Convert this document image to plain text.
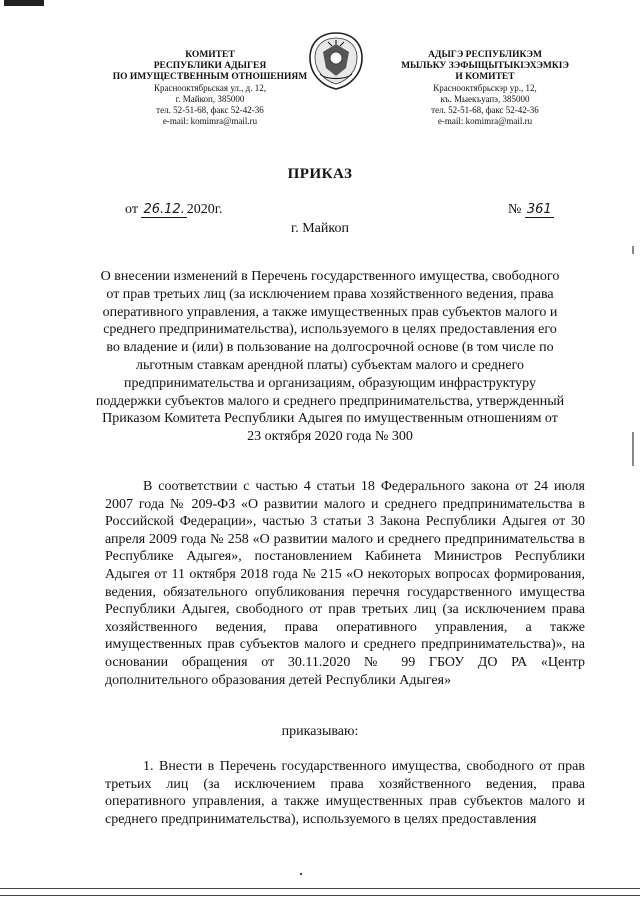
КОМИТЕТ
РЕСПУБЛИКИ АДЫГЕЯ
ПО ИМУЩЕСТВЕННЫМ ОТНОШЕНИЯМ
Краснооктябрьская ул., д. 12,
г. Майкоп, 385000
тел. 52-51-68, факс 52-42-36
e-mail: komimra@mail.ru
АДЫГЭ РЕСПУБЛИКЭМ
МЫЛЬКУ ЗЭФЫЩЫТЫКIЭХЭМКIЭ
И КОМИТЕТ
Краснооктябрьскэр ур., 12,
къ. Мыекъуапэ, 385000
тел. 52-51-68, факс 52-42-36
e-mail: komimra@mail.ru
ПРИКАЗ
от 26.12. 2020г.	№ 361
г. Майкоп
О внесении изменений в Перечень государственного имущества, свободного от прав третьих лиц (за исключением права хозяйственного ведения, права оперативного управления, а также имущественных прав субъектов малого и среднего предпринимательства), используемого в целях предоставления его во владение и (или) в пользование на долгосрочной основе (в том числе по льготным ставкам арендной платы) субъектам малого и среднего предпринимательства и организациям, образующим инфраструктуру поддержки субъектов малого и среднего предпринимательства, утвержденный Приказом Комитета Республики Адыгея по имущественным отношениям от 23 октября 2020 года № 300
В соответствии с частью 4 статьи 18 Федерального закона от 24 июля 2007 года № 209-ФЗ «О развитии малого и среднего предпринимательства в Российской Федерации», частью 3 статьи 3 Закона Республики Адыгея от 30 апреля 2009 года № 258 «О развитии малого и среднего предпринимательства в Республике Адыгея», постановлением Кабинета Министров Республики Адыгея от 11 октября 2018 года № 215 «О некоторых вопросах формирования, ведения, обязательного опубликования перечня государственного имущества Республики Адыгея, свободного от прав третьих лиц (за исключением права хозяйственного ведения, права оперативного управления, а также имущественных прав субъектов малого и среднего предпринимательства)», на основании обращения от 30.11.2020 № 99 ГБОУ ДО РА «Центр дополнительного образования детей Республики Адыгея»
приказываю:
1. Внести в Перечень государственного имущества, свободного от прав третьих лиц (за исключением права хозяйственного ведения, права оперативного управления, а также имущественных прав субъектов малого и среднего предпринимательства), используемого в целях предоставления
